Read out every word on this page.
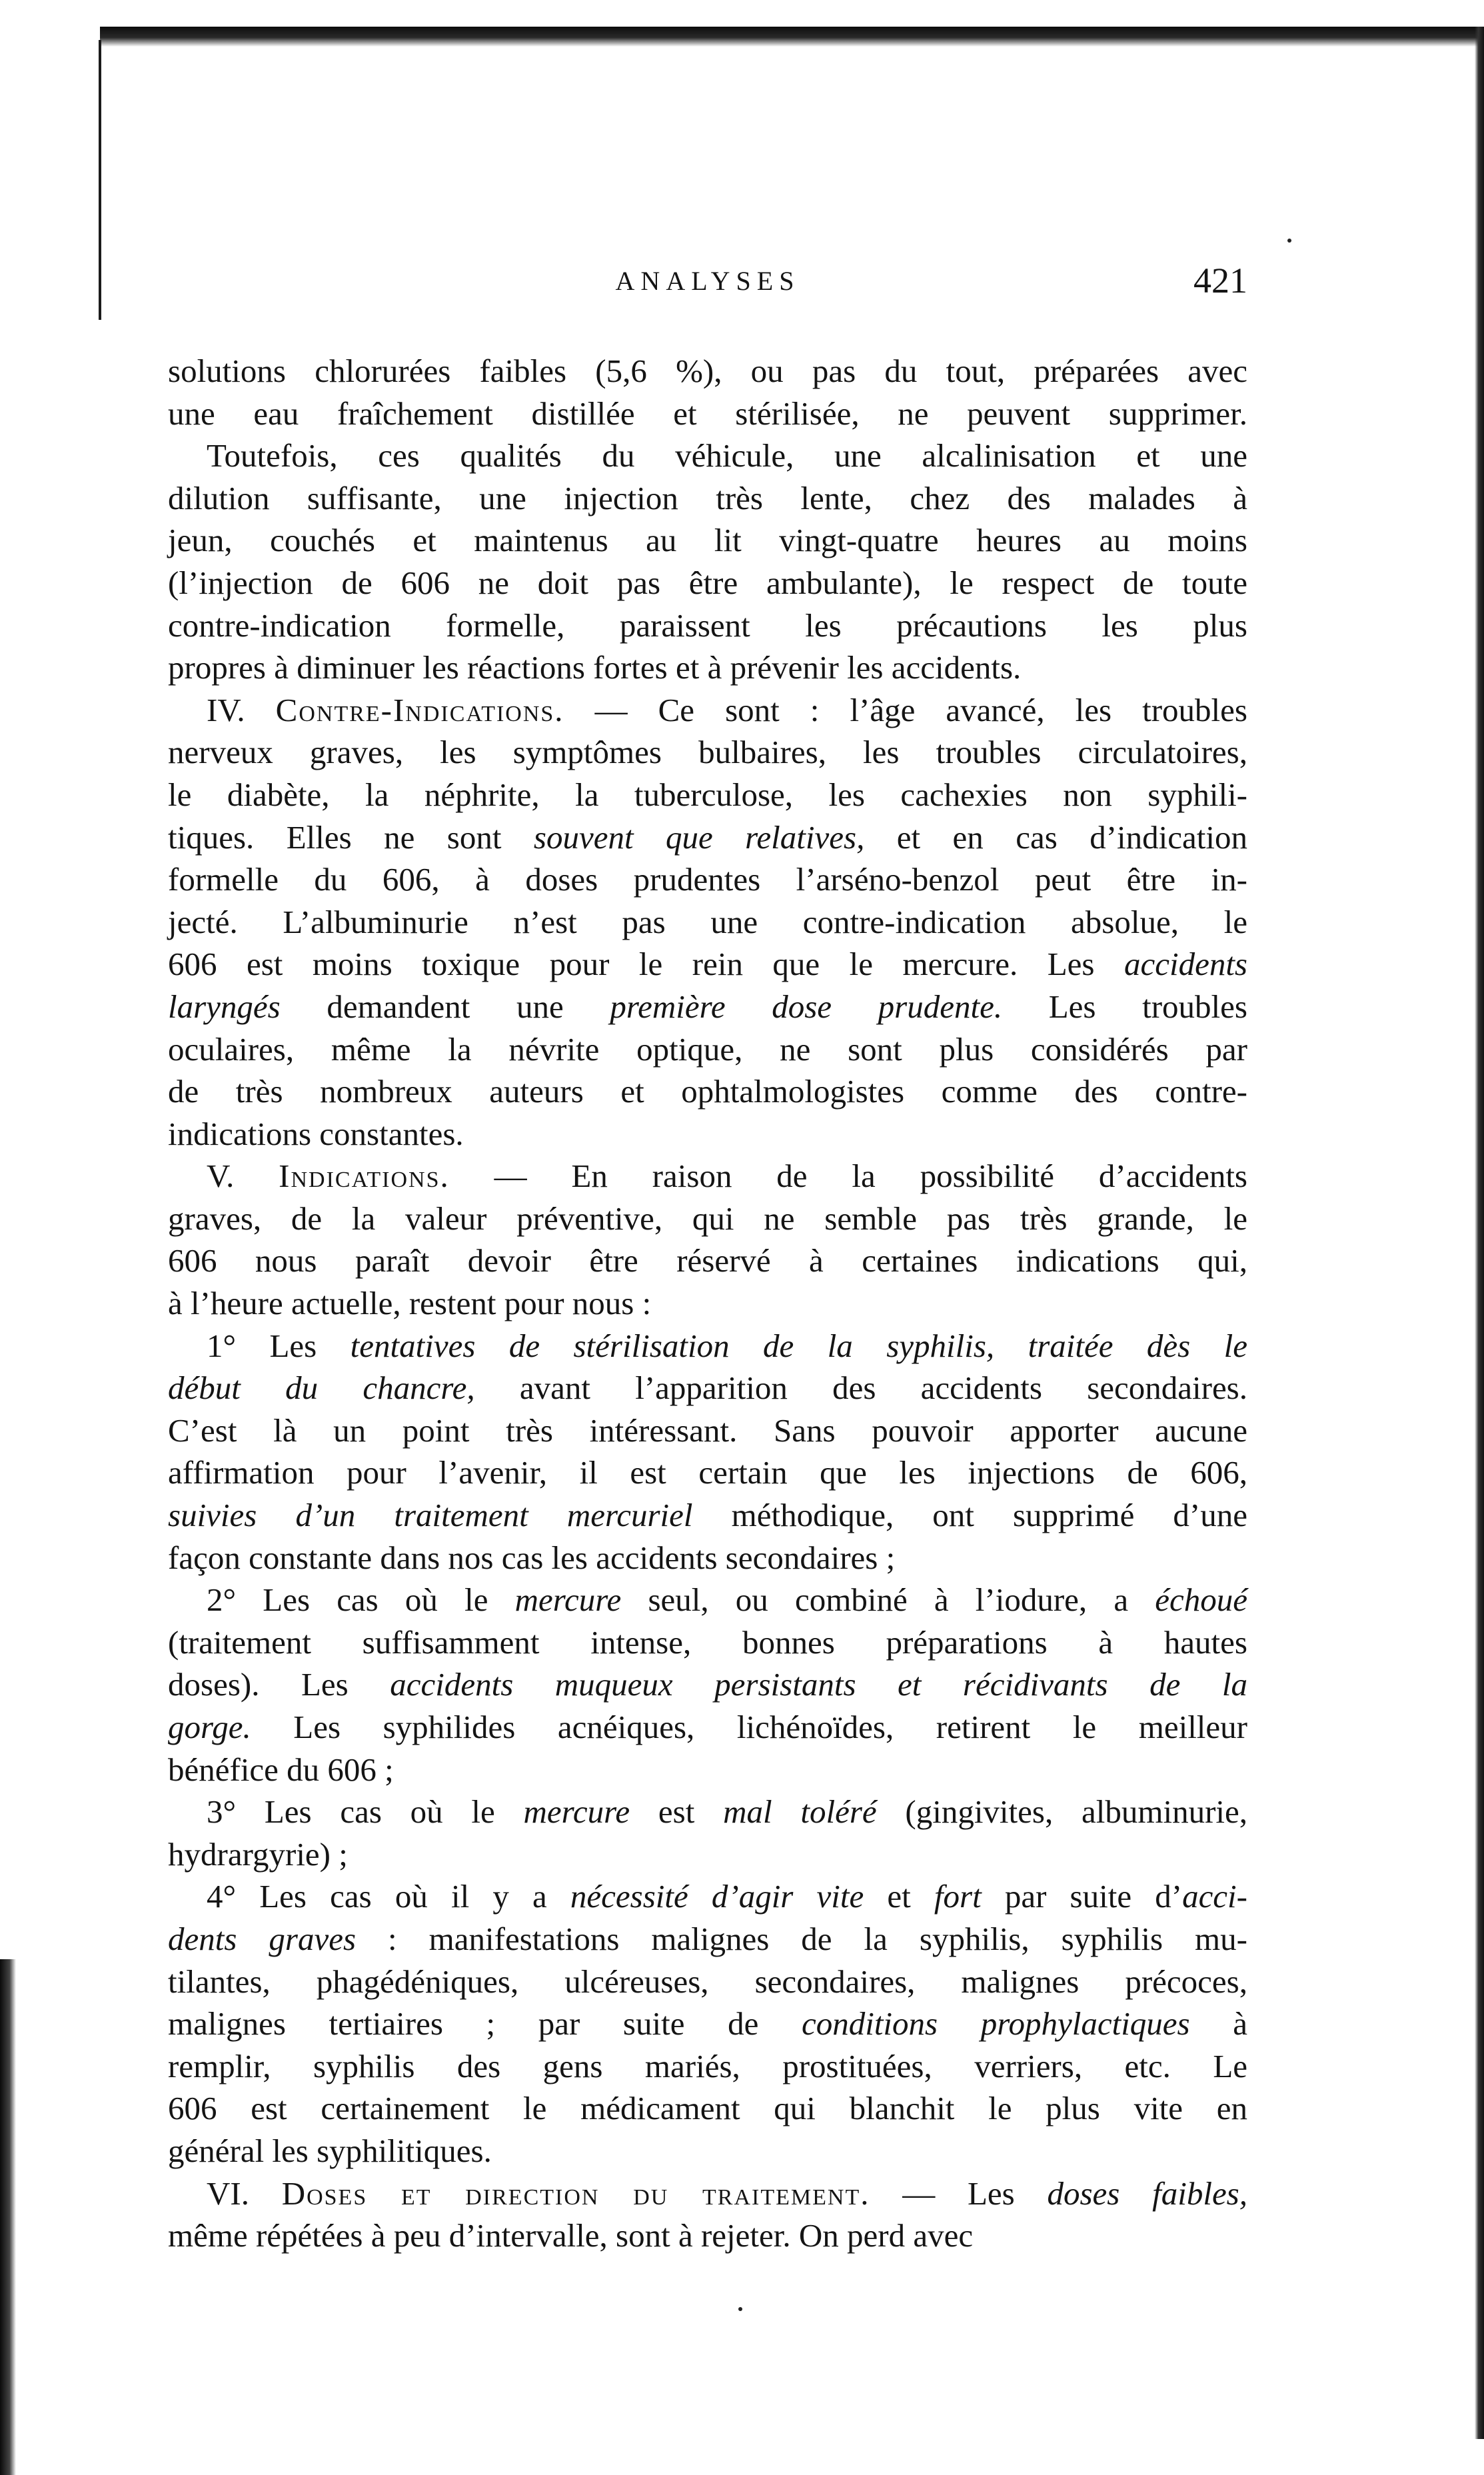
ANALYSES	421
solutions chlorurées faibles (5,6 %), ou pas du tout, préparées avec
une eau fraîchement distillée et stérilisée, ne peuvent supprimer.
Toutefois, ces qualités du véhicule, une alcalinisation et une
dilution suffisante, une injection très lente, chez des malades à
jeun, couchés et maintenus au lit vingt-quatre heures au moins
(l’injection de 606 ne doit pas être ambulante), le respect de toute
contre-indication formelle, paraissent les précautions les plus
propres à diminuer les réactions fortes et à prévenir les accidents.
IV. Contre-Indications. — Ce sont : l’âge avancé, les troubles
nerveux graves, les symptômes bulbaires, les troubles circulatoires,
le diabète, la néphrite, la tuberculose, les cachexies non syphili-
tiques. Elles ne sont souvent que relatives, et en cas d’indication
formelle du 606, à doses prudentes l’arséno-benzol peut être in-
jecté. L’albuminurie n’est pas une contre-indication absolue, le
606 est moins toxique pour le rein que le mercure. Les accidents
laryngés demandent une première dose prudente. Les troubles
oculaires, même la névrite optique, ne sont plus considérés par
de très nombreux auteurs et ophtalmologistes comme des contre-
indications constantes.
V. Indications. — En raison de la possibilité d’accidents
graves, de la valeur préventive, qui ne semble pas très grande, le
606 nous paraît devoir être réservé à certaines indications qui,
à l’heure actuelle, restent pour nous :
1° Les tentatives de stérilisation de la syphilis, traitée dès le
début du chancre, avant l’apparition des accidents secondaires.
C’est là un point très intéressant. Sans pouvoir apporter aucune
affirmation pour l’avenir, il est certain que les injections de 606,
suivies d’un traitement mercuriel méthodique, ont supprimé d’une
façon constante dans nos cas les accidents secondaires ;
2° Les cas où le mercure seul, ou combiné à l’iodure, a échoué
(traitement suffisamment intense, bonnes préparations à hautes
doses). Les accidents muqueux persistants et récidivants de la
gorge. Les syphilides acnéiques, lichénoïdes, retirent le meilleur
bénéfice du 606 ;
3° Les cas où le mercure est mal toléré (gingivites, albuminurie,
hydrargyrie) ;
4° Les cas où il y a nécessité d’agir vite et fort par suite d’acci-
dents graves : manifestations malignes de la syphilis, syphilis mu-
tilantes, phagédéniques, ulcéreuses, secondaires, malignes précoces,
malignes tertiaires ; par suite de conditions prophylactiques à
remplir, syphilis des gens mariés, prostituées, verriers, etc. Le
606 est certainement le médicament qui blanchit le plus vite en
général les syphilitiques.
VI. Doses et direction du traitement. — Les doses faibles,
même répétées à peu d’intervalle, sont à rejeter. On perd avec
